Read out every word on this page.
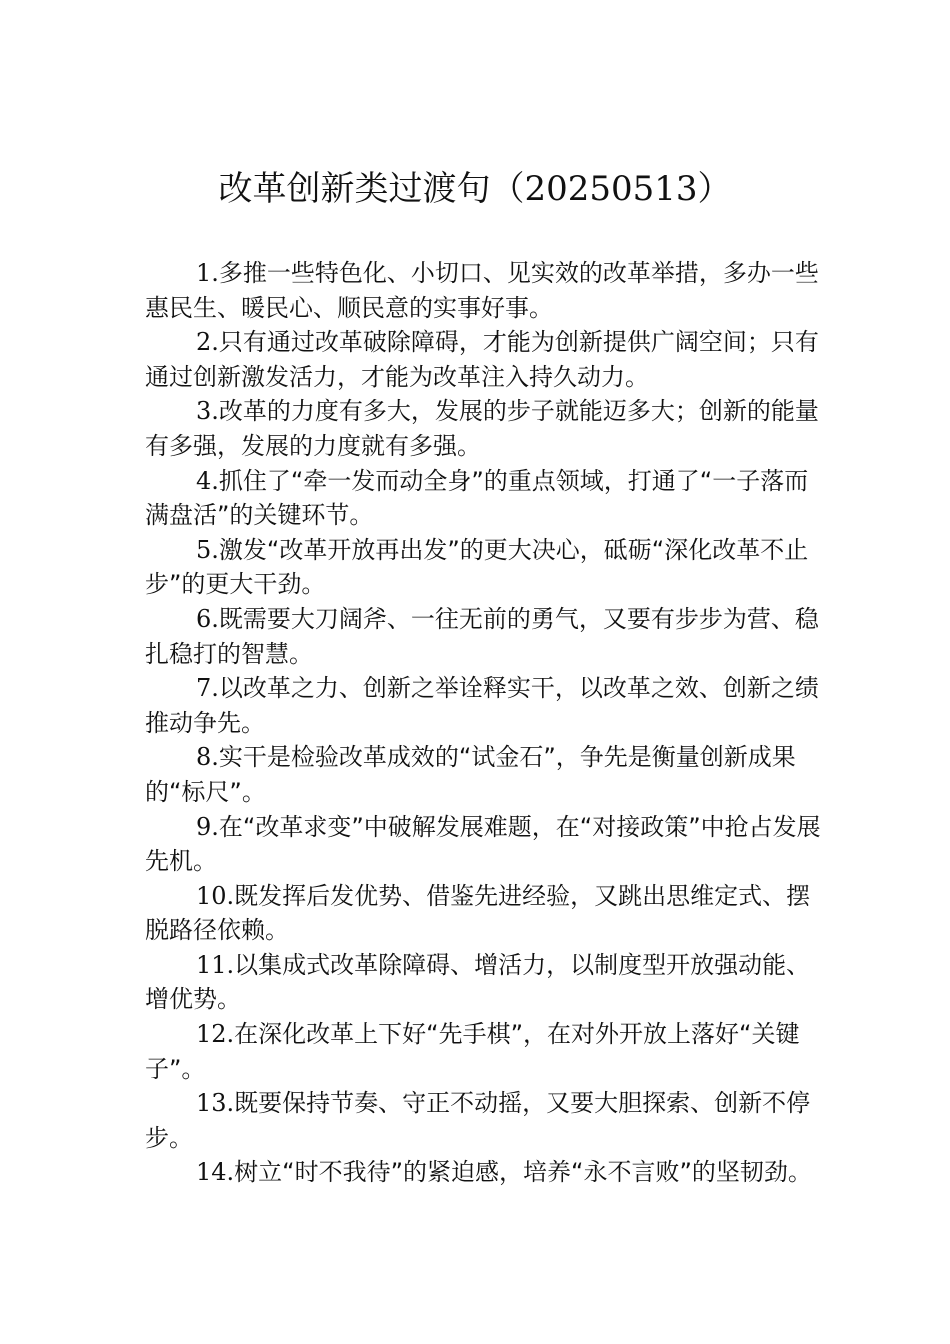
改革创新类过渡句（20250513）

1.多推一些特色化、小切口、见实效的改革举措，多办一些惠民生、暖民心、顺民意的实事好事。

2.只有通过改革破除障碍，才能为创新提供广阔空间；只有通过创新激发活力，才能为改革注入持久动力。

3.改革的力度有多大，发展的步子就能迈多大；创新的能量有多强，发展的力度就有多强。

4.抓住了“牵一发而动全身”的重点领域，打通了“一子落而满盘活”的关键环节。

5.激发“改革开放再出发”的更大决心，砥砺“深化改革不止步”的更大干劲。

6.既需要大刀阔斧、一往无前的勇气，又要有步步为营、稳扎稳打的智慧。

7.以改革之力、创新之举诠释实干，以改革之效、创新之绩推动争先。

8.实干是检验改革成效的“试金石”，争先是衡量创新成果的“标尺”。

9.在“改革求变”中破解发展难题，在“对接政策”中抢占发展先机。

10.既发挥后发优势、借鉴先进经验，又跳出思维定式、摆脱路径依赖。

11.以集成式改革除障碍、增活力，以制度型开放强动能、增优势。

12.在深化改革上下好“先手棋”，在对外开放上落好“关键子”。

13.既要保持节奏、守正不动摇，又要大胆探索、创新不停步。

14.树立“时不我待”的紧迫感，培养“永不言败”的坚韧劲。
